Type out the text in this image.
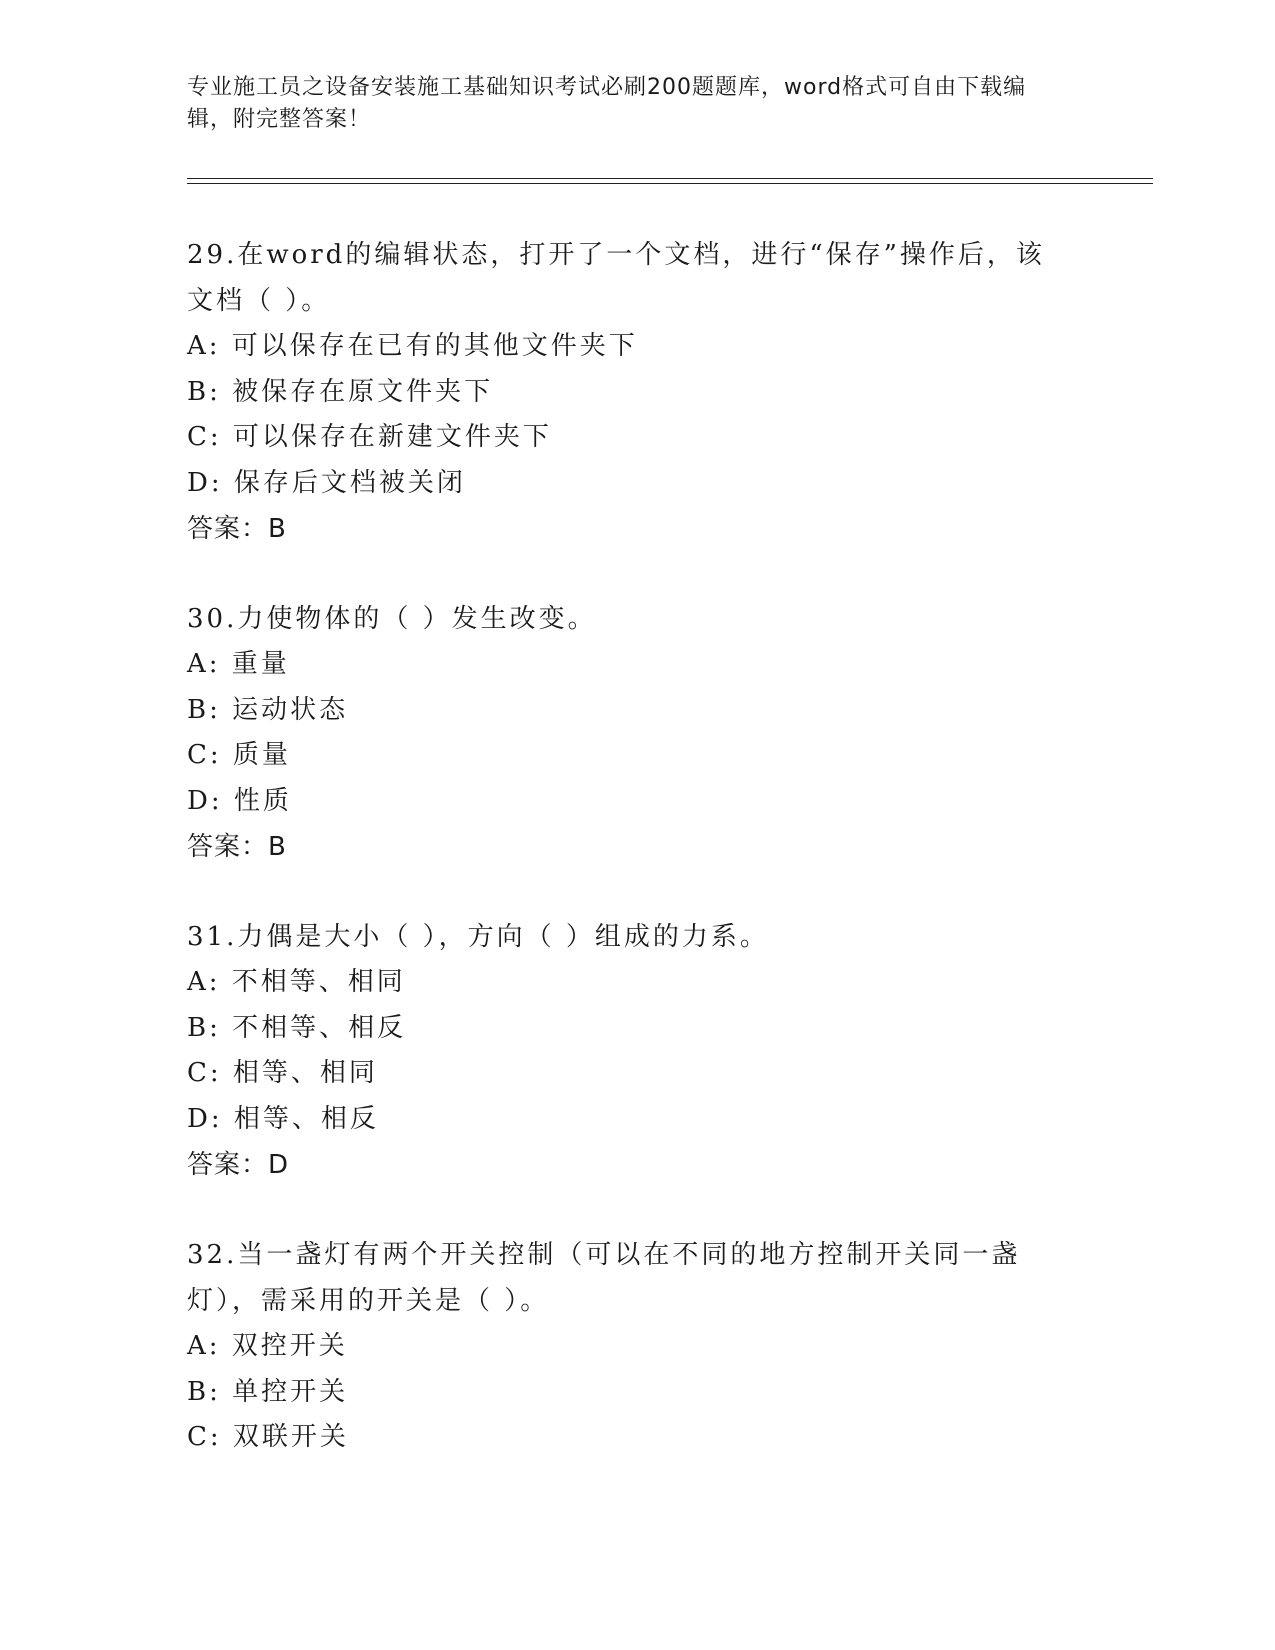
专业施工员之设备安装施工基础知识考试必刷200题题库，word格式可自由下载编辑，附完整答案！

29.在word的编辑状态，打开了一个文档，进行“保存”操作后，该文档（ ）。

A: 可以保存在已有的其他文件夹下

B: 被保存在原文件夹下

C: 可以保存在新建文件夹下

D: 保存后文档被关闭

答案：B

30.力使物体的（ ）发生改变。

A: 重量

B: 运动状态

C: 质量

D: 性质

答案：B

31.力偶是大小（ ），方向（ ）组成的力系。

A: 不相等、相同

B: 不相等、相反

C: 相等、相同

D: 相等、相反

答案：D

32.当一盏灯有两个开关控制（可以在不同的地方控制开关同一盏灯），需采用的开关是（ ）。

A: 双控开关

B: 单控开关

C: 双联开关
